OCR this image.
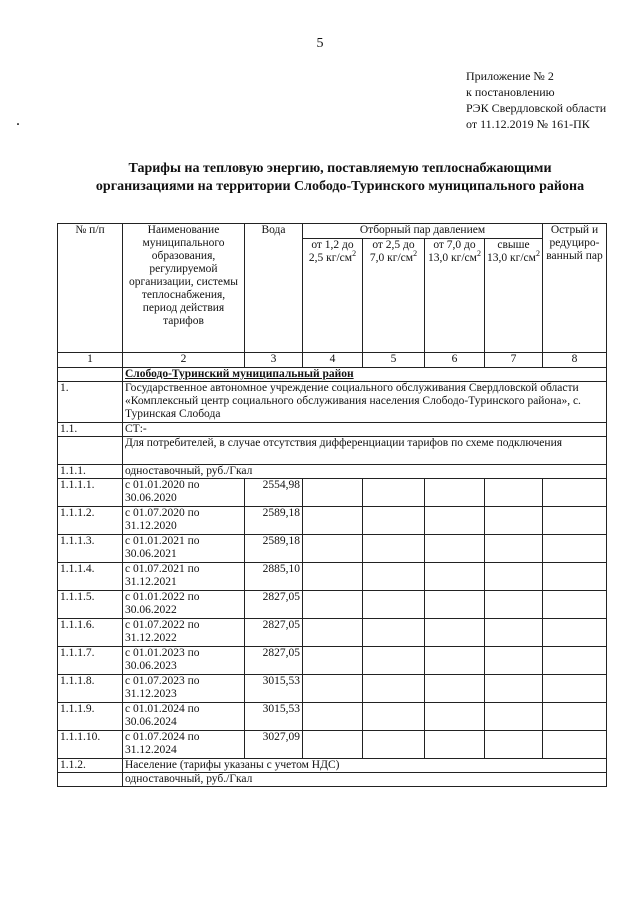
5
Приложение № 2
к постановлению
РЭК Свердловской области
от 11.12.2019 № 161-ПК
.
Тарифы на тепловую энергию, поставляемую теплоснабжающими
организациями на территории Слободо-Туринского муниципального района
№ п/п	Наименование муниципального образования, регулируемой организации, системы теплоснабжения, период действия тарифов	Вода	Отборный пар давлением				Острый и редуциро-ванный пар
			от 1,2 до 2,5 $кг/см^2$	от 2,5 до 7,0 $кг/см^2$	от 7,0 до 13,0 $кг/см^2$	свыше 13,0 $кг/см^2$
1	2	3	4	5	6	7	8
	Слободо-Туринский муниципальный район						
1.	Государственное автономное учреждение социального обслуживания Свердловской области «Комплексный центр социального обслуживания населения Слободо-Туринского района», с. Туринская Слобода						
1.1.	СТ:-						
	Для потребителей, в случае отсутствия дифференциации тарифов по схеме подключения						
1.1.1.	одноставочный, руб./Гкал						
1.1.1.1.	с 01.01.2020 по 30.06.2020	2554,98					
1.1.1.2.	с 01.07.2020 по 31.12.2020	2589,18					
1.1.1.3.	с 01.01.2021 по 30.06.2021	2589,18					
1.1.1.4.	с 01.07.2021 по 31.12.2021	2885,10					
1.1.1.5.	с 01.01.2022 по 30.06.2022	2827,05					
1.1.1.6.	с 01.07.2022 по 31.12.2022	2827,05					
1.1.1.7.	с 01.01.2023 по 30.06.2023	2827,05					
1.1.1.8.	с 01.07.2023 по 31.12.2023	3015,53					
1.1.1.9.	с 01.01.2024 по 30.06.2024	3015,53					
1.1.1.10.	с 01.07.2024 по 31.12.2024	3027,09					
1.1.2.	Население (тарифы указаны с учетом НДС)						
	одноставочный, руб./Гкал						
